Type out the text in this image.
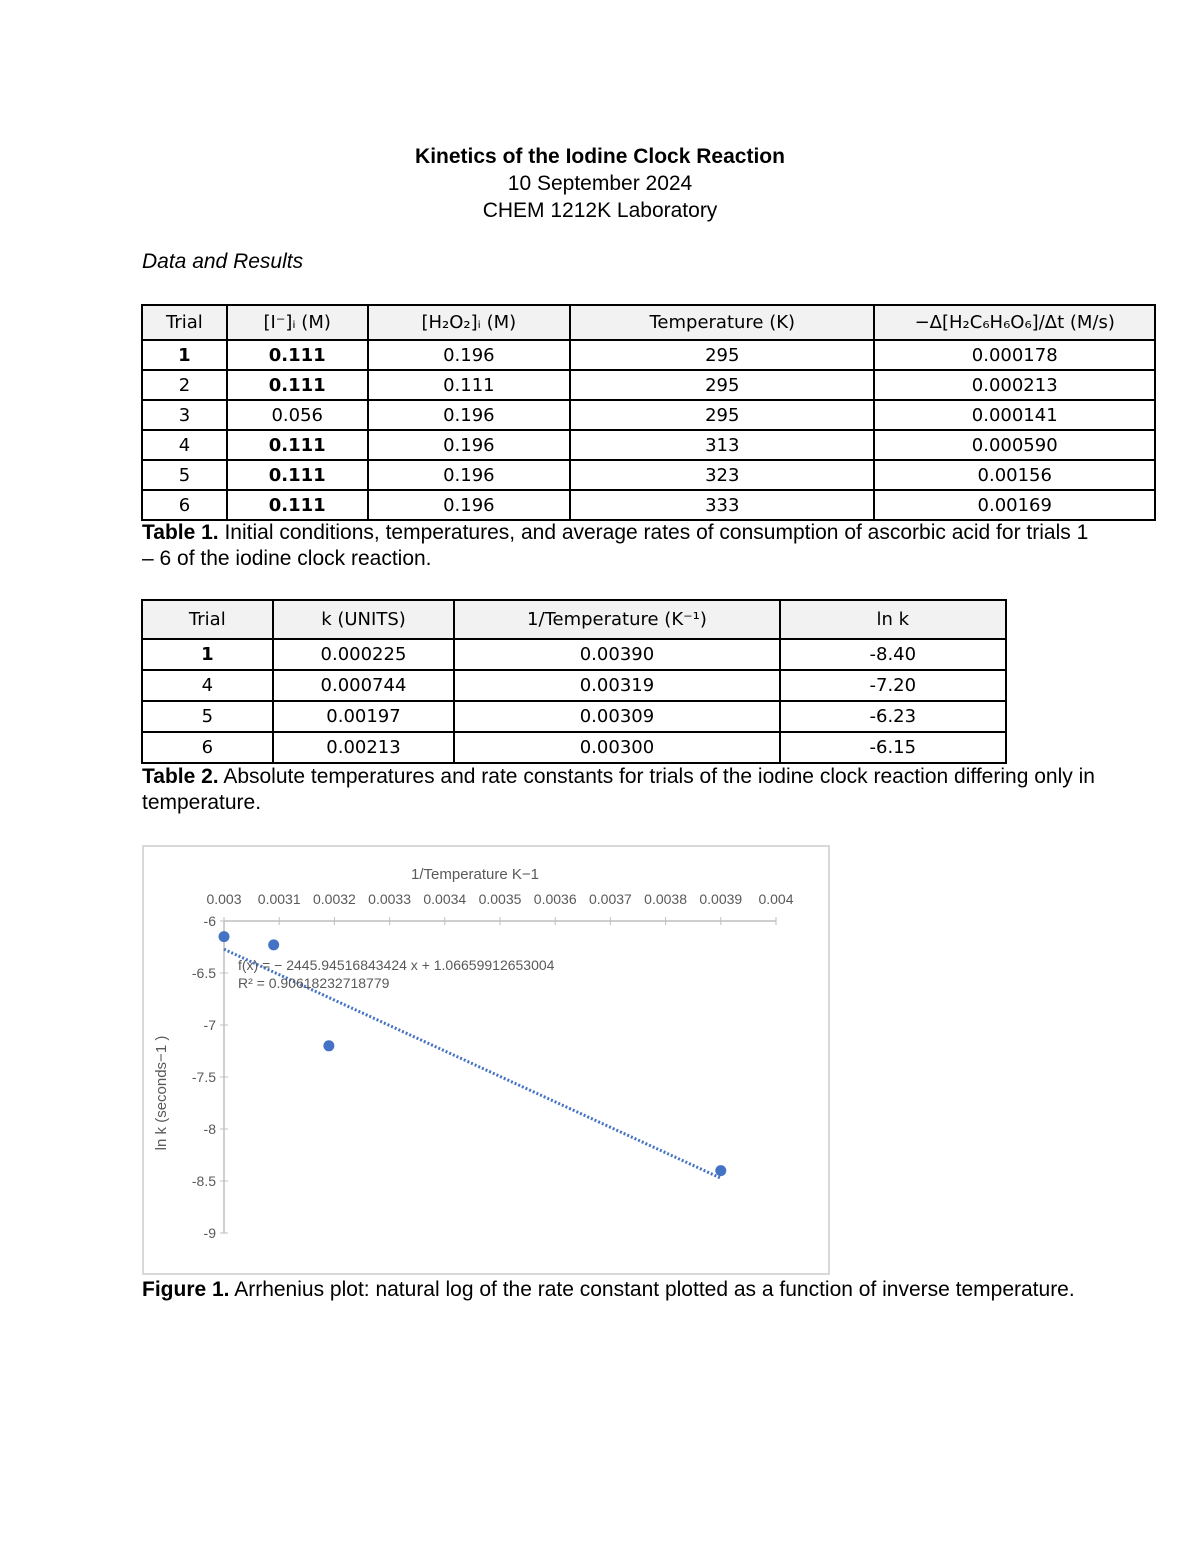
Kinetics of the Iodine Clock Reaction
10 September 2024
CHEM 1212K Laboratory
Data and Results
Trial	[I⁻]ᵢ (M)	[H₂O₂]ᵢ (M)	Temperature (K)	−Δ[H₂C₆H₆O₆]/Δt (M/s)
1	0.111	0.196	295	0.000178
2	0.111	0.111	295	0.000213
3	0.056	0.196	295	0.000141
4	0.111	0.196	313	0.000590
5	0.111	0.196	323	0.00156
6	0.111	0.196	333	0.00169
Table 1. Initial conditions, temperatures, and average rates of consumption of ascorbic acid for trials 1 – 6 of the iodine clock reaction.
Trial	k (UNITS)	1/Temperature (K⁻¹)	ln k
1	0.000225	0.00390	-8.40
4	0.000744	0.00319	-7.20
5	0.00197	0.00309	-6.23
6	0.00213	0.00300	-6.15
Table 2. Absolute temperatures and rate constants for trials of the iodine clock reaction differing only in temperature.
0.003 0.0031 0.0032 0.0033 0.0034 0.0035 0.0036 0.0037 0.0038 0.0039 0.004
-6
-6.5
-7
-7.5
-8
-8.5
-9
1/Temperature K−1
ln k (seconds−1 )
f(x) = − 2445.94516843424 x + 1.06659912653004
R² = 0.90618232718779
Figure 1. Arrhenius plot: natural log of the rate constant plotted as a function of inverse temperature.
